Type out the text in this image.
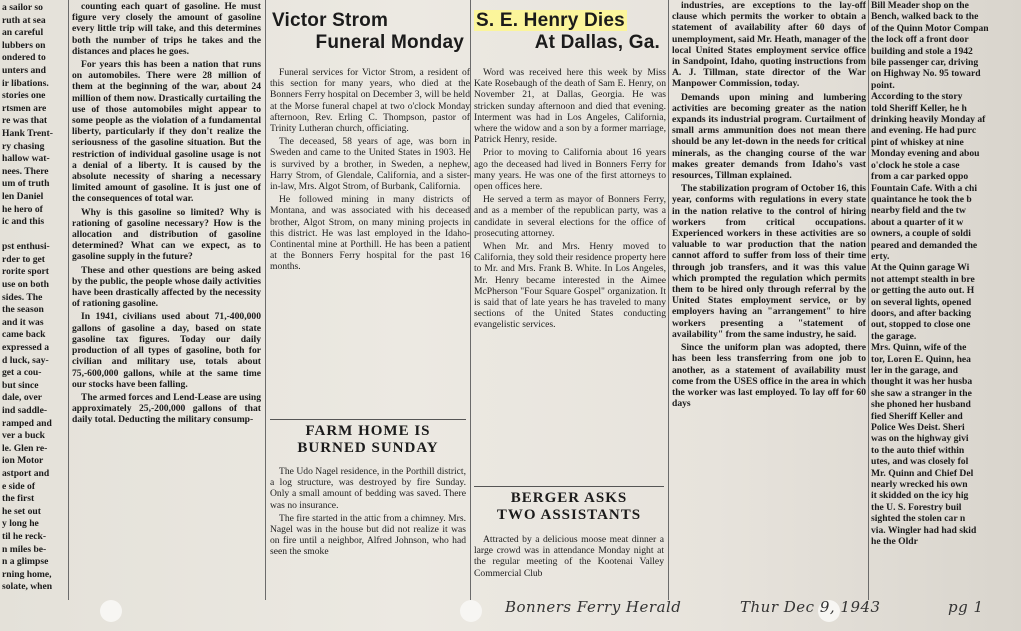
a sailor so
ruth at sea
an careful
lubbers on
ondered to
unters and
ir libations.
stories one
rtsmen are
re was that
Hank Trent-
ry chasing
hallow wat-
nees. There
um of truth
len Daniel
he hero of
ic and this

pst enthusi-
rder to get
rorite sport
use on both
sides. The
the season
and it was
came back
expressed a
d luck, say-
get a cou-
but since
dale, over
ind saddle-
ramped and
ver a buck
le. Glen re-
ion Motor
astport and
e side of
the first
he set out
y long he
til he reck-
n miles be-
n a glimpse
rning home,
solate, when

counting each quart of gasoline. He must figure very closely the amount of gasoline every little trip will take, and this determines both the number of trips he takes and the distances and places he goes.

For years this has been a nation that runs on automobiles. There were 28 million of them at the beginning of the war, about 24 million of them now. Drastically curtailing the use of those automobiles might appear to some people as the violation of a fundamental liberty, particularly if they don't realize the seriousness of the gasoline situation. But the restriction of individual gasoline usage is not a denial of a liberty. It is caused by the absolute necessity of sharing a necessary limited amount of gasoline. It is just one of the consequences of total war.

Why is this gasoline so limited? Why is rationing of gasoline necessary? How is the allocation and distribution of gasoline determined? What can we expect, as to gasoline supply in the future?

These and other questions are being asked by the public, the people whose daily activities have been drastically affected by the necessity of rationing gasoline.

In 1941, civilians used about 71,-400,000 gallons of gasoline a day, based on state gasoline tax figures. Today our daily production of all types of gasoline, both for civilian and military use, totals about 75,-600,000 gallons, while at the same time our stocks have been falling.

The armed forces and Lend-Lease are using approximately 25,-200,000 gallons of that daily total. Deducting the military consump-

Victor Strom
Funeral Monday

Funeral services for Victor Strom, a resident of this section for many years, who died at the Bonners Ferry hospital on December 3, will be held at the Morse funeral chapel at two o'clock Monday afternoon, Rev. Erling C. Thompson, pastor of Trinity Lutheran church, officiating.

The deceased, 58 years of age, was born in Sweden and came to the United States in 1903. He is survived by a brother, in Sweden, a nephew, Harry Strom, of Glendale, California, and a sister-in-law, Mrs. Algot Strom, of Burbank, California.

He followed mining in many districts of Montana, and was associated with his deceased brother, Algot Strom, on many mining projects in this district. He was last employed in the Idaho-Continental mine at Porthill. He has been a patient at the Bonners Ferry hospital for the past 16 months.

FARM HOME IS
BURNED SUNDAY

The Udo Nagel residence, in the Porthill district, a log structure, was destroyed by fire Sunday. Only a small amount of bedding was saved. There was no insurance.

The fire started in the attic from a chimney. Mrs. Nagel was in the house but did not realize it was on fire until a neighbor, Alfred Johnson, who had seen the smoke

S. E. Henry Dies
At Dallas, Ga.

Word was received here this week by Miss Kate Rosebaugh of the death of Sam E. Henry, on November 21, at Dallas, Georgia. He was stricken sunday afternoon and died that evening. Interment was had in Los Angeles, California, where the widow and a son by a former marriage, Patrick Henry, reside.

Prior to moving to California about 16 years ago the deceased had lived in Bonners Ferry for many years. He was one of the first attorneys to open offices here.

He served a term as mayor of Bonners Ferry, and as a member of the republican party, was a candidate in several elections for the office of prosecuting attorney.

When Mr. and Mrs. Henry moved to California, they sold their residence property here to Mr. and Mrs. Frank B. White. In Los Angeles, Mr. Henry became interested in the Aimee McPherson "Four Square Gospel" organization. It is said that of late years he has traveled to many sections of the United States conducting evangelistic services.

BERGER ASKS
TWO ASSISTANTS

Attracted by a delicious moose meat dinner a large crowd was in attendance Monday night at the regular meeting of the Kootenai Valley Commercial Club

industries, are exceptions to the lay-off clause which permits the worker to obtain a statement of availability after 60 days of unemployment, said Mr. Heath, manager of the local United States employment service office in Sandpoint, Idaho, quoting instructions from A. J. Tillman, state director of the War Manpower Commission, today.

Demands upon mining and lumbering activities are becoming greater as the nation expands its industrial program. Curtailment of small arms ammunition does not mean there should be any let-down in the needs for critical minerals, as the changing course of the war makes greater demands from Idaho's vast resources, Tillman explained.

The stabilization program of October 16, this year, conforms with regulations in every state in the nation relative to the control of hiring workers from critical occupations. Experienced workers in these activities are so valuable to war production that the nation cannot afford to suffer from loss of their time through job transfers, and it was this value which prompted the regulation which permits them to be hired only through referral by the United States employment service, or by employers having an "arrangement" to hire workers presenting a "statement of availability" from the same industry, he said.

Since the uniform plan was adopted, there has been less transferring from one job to another, as a statement of availability must come from the USES office in the area in which the worker was last employed. To lay off for 60 days

Bill Meader shop on the
Bench, walked back to the
of the Quinn Motor Compan
the lock off a front door
building and stole a 1942
bile passenger car, driving
on Highway No. 95 toward
point.
According to the story
told Sheriff Keller, he h
drinking heavily Monday af
and evening. He had purc
pint of whiskey at nine
Monday evening and abou
o'clock he stole a case
from a car parked oppo
Fountain Cafe. With a chi
quaintance he took the b
nearby field and the tw
about a quarter of it w
owners, a couple of soldi
peared and demanded the
erty.
At the Quinn garage Wi
not attempt stealth in bre
or getting the auto out. H
on several lights, opened
doors, and after backing
out, stopped to close one
the garage.
Mrs. Quinn, wife of the
tor, Loren E. Quinn, hea
ler in the garage, and
thought it was her husba
she saw a stranger in the
she phoned her husband
fied Sheriff Keller and
Police Wes Deist. Sheri
was on the highway givi
to the auto thief within
utes, and was closely fol
Mr. Quinn and Chief Del
nearly wrecked his own
it skidded on the icy hig
the U. S. Forestry buil
sighted the stolen car n
via. Wingler had had skid
he the Oldr
Bonners Ferry Herald	Thur Dec 9, 1943	pg 1
